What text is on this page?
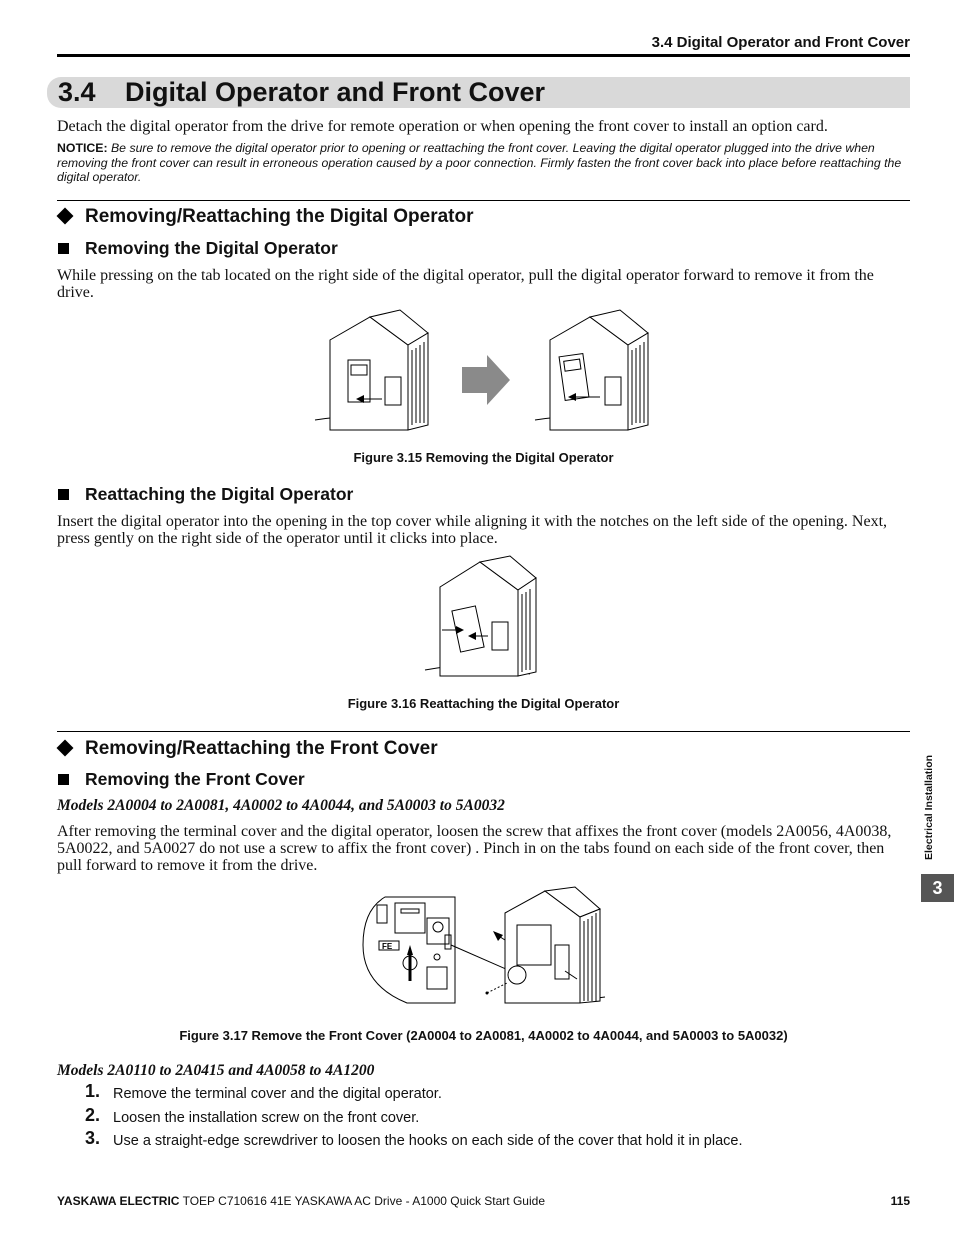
3.4 Digital Operator and Front Cover
3.4 Digital Operator and Front Cover
Detach the digital operator from the drive for remote operation or when opening the front cover to install an option card.
NOTICE: Be sure to remove the digital operator prior to opening or reattaching the front cover. Leaving the digital operator plugged into the drive when removing the front cover can result in erroneous operation caused by a poor connection. Firmly fasten the front cover back into place before reattaching the digital operator.
Removing/Reattaching the Digital Operator
Removing the Digital Operator
While pressing on the tab located on the right side of the digital operator, pull the digital operator forward to remove it from the drive.
Figure 3.15 Removing the Digital Operator
Reattaching the Digital Operator
Insert the digital operator into the opening in the top cover while aligning it with the notches on the left side of the opening. Next, press gently on the right side of the operator until it clicks into place.
Figure 3.16 Reattaching the Digital Operator
Removing/Reattaching the Front Cover
Removing the Front Cover
Models 2A0004 to 2A0081, 4A0002 to 4A0044, and 5A0003 to 5A0032
After removing the terminal cover and the digital operator, loosen the screw that affixes the front cover (models 2A0056, 4A0038, 5A0022, and 5A0027 do not use a screw to affix the front cover) . Pinch in on the tabs found on each side of the front cover, then pull forward to remove it from the drive.
FE
Figure 3.17 Remove the Front Cover (2A0004 to 2A0081, 4A0002 to 4A0044, and 5A0003 to 5A0032)
Models 2A0110 to 2A0415 and 4A0058 to 4A1200
1. Remove the terminal cover and the digital operator.
2. Loosen the installation screw on the front cover.
3. Use a straight-edge screwdriver to loosen the hooks on each side of the cover that hold it in place.
Electrical Installation
3
YASKAWA ELECTRIC TOEP C710616 41E YASKAWA AC Drive - A1000 Quick Start Guide	115
